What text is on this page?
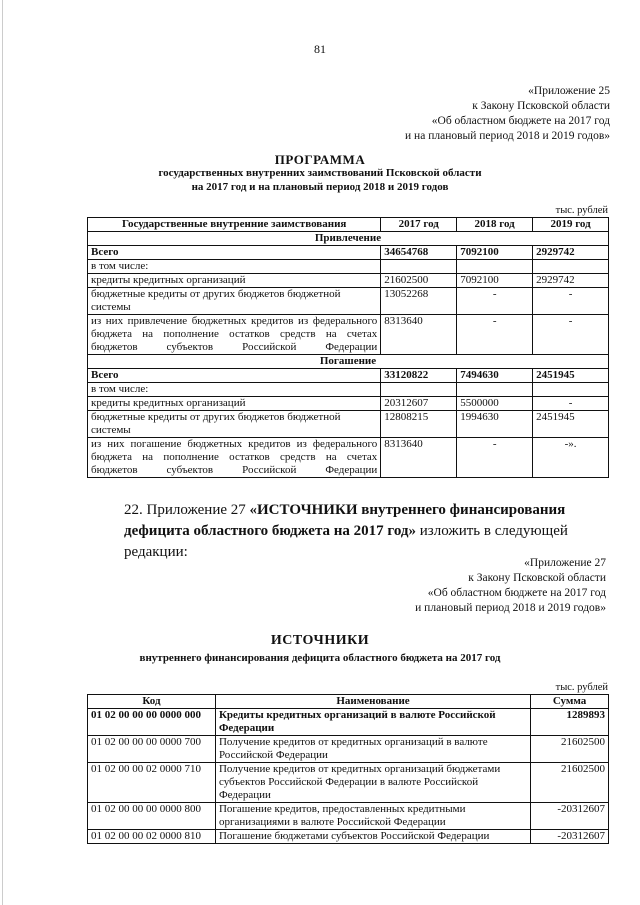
81
«Приложение 25
к Закону Псковской области
«Об областном бюджете на 2017 год
и на плановый период 2018 и 2019 годов»
ПРОГРАММА
государственных внутренних заимствований Псковской области
на 2017 год и на плановый период 2018 и 2019 годов
тыс. рублей
Государственные внутренние заимствования	2017 год	2018 год	2019 год
Привлечение			
Всего	34654768	7092100	2929742
в том числе:			
кредиты кредитных организаций	21602500	7092100	2929742
бюджетные кредиты от других бюджетов бюджетной системы	13052268	-	-
из них привлечение бюджетных кредитов из федерального бюджета на пополнение остатков средств на счетах бюджетов субъектов Российской Федерации	8313640	-	-
Погашение			
Всего	33120822	7494630	2451945
в том числе:			
кредиты кредитных организаций	20312607	5500000	-
бюджетные кредиты от других бюджетов бюджетной системы	12808215	1994630	2451945
из них погашение бюджетных кредитов из федерального бюджета на пополнение остатков средств на счетах бюджетов субъектов Российской Федерации	8313640	-	-».
22. Приложение 27 «ИСТОЧНИКИ внутреннего финансирования дефицита областного бюджета на 2017 год» изложить в следующей редакции:
«Приложение 27
к Закону Псковской области
«Об областном бюджете на 2017 год
и плановый период 2018 и 2019 годов»
ИСТОЧНИКИ
внутреннего финансирования дефицита областного бюджета на 2017 год
тыс. рублей
Код	Наименование	Сумма
01 02 00 00 00 0000 000	Кредиты кредитных организаций в валюте Российской Федерации	1289893
01 02 00 00 00 0000 700	Получение кредитов от кредитных организаций в валюте Российской Федерации	21602500
01 02 00 00 02 0000 710	Получение кредитов от кредитных организаций бюджетами субъектов Российской Федерации в валюте Российской Федерации	21602500
01 02 00 00 00 0000 800	Погашение кредитов, предоставленных кредитными организациями в валюте Российской Федерации	-20312607
01 02 00 00 02 0000 810	Погашение бюджетами субъектов Российской Федерации	-20312607
